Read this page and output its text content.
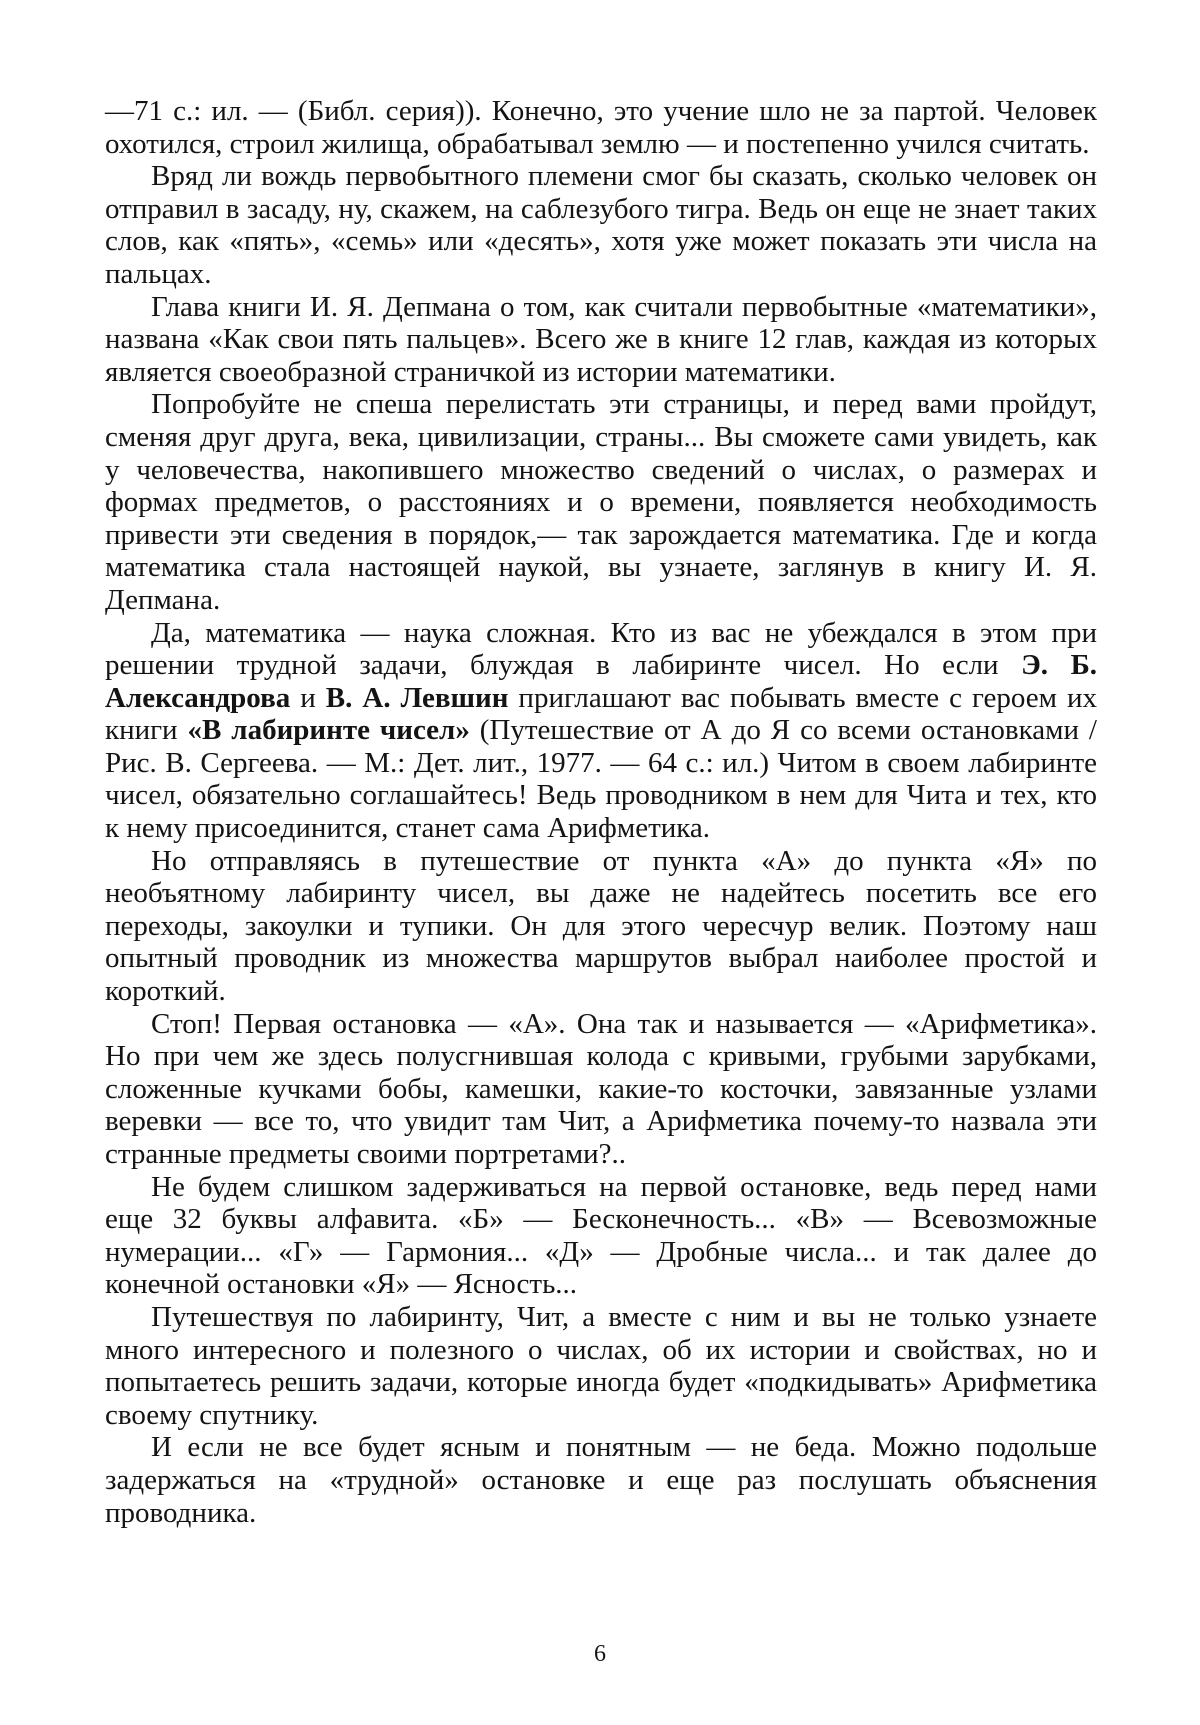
—71 с.: ил. — (Библ. серия)). Конечно, это учение шло не за партой. Человек охотился, строил жилища, обрабатывал землю — и постепенно учился считать.

Вряд ли вождь первобытного племени смог бы сказать, сколько человек он отправил в засаду, ну, скажем, на саблезубого тигра. Ведь он еще не знает таких слов, как «пять», «семь» или «десять», хотя уже может показать эти числа на пальцах.

Глава книги И. Я. Депмана о том, как считали первобытные «математики», названа «Как свои пять пальцев». Всего же в книге 12 глав, каждая из которых является своеобразной страничкой из истории математики.

Попробуйте не спеша перелистать эти страницы, и перед вами пройдут, сменяя друг друга, века, цивилизации, страны... Вы сможете сами увидеть, как у человечества, накопившего множество сведений о числах, о размерах и формах предметов, о расстояниях и о времени, появляется необходимость привести эти сведения в порядок,— так зарождается математика. Где и когда математика стала настоящей наукой, вы узнаете, заглянув в книгу И. Я. Депмана.

Да, математика — наука сложная. Кто из вас не убеждался в этом при решении трудной задачи, блуждая в лабиринте чисел. Но если Э. Б. Александрова и В. А. Левшин приглашают вас побывать вместе с героем их книги «В лабиринте чисел» (Путешествие от А до Я со всеми остановками / Рис. В. Сергеева. — М.: Дет. лит., 1977. — 64 с.: ил.) Читом в своем лабиринте чисел, обязательно соглашайтесь! Ведь проводником в нем для Чита и тех, кто к нему присоединится, станет сама Арифметика.

Но отправляясь в путешествие от пункта «А» до пункта «Я» по необъятному лабиринту чисел, вы даже не надейтесь посетить все его переходы, закоулки и тупики. Он для этого чересчур велик. Поэтому наш опытный проводник из множества маршрутов выбрал наиболее простой и короткий.

Стоп! Первая остановка — «А». Она так и называется — «Арифметика». Но при чем же здесь полусгнившая колода с кривыми, грубыми зарубками, сложенные кучками бобы, камешки, какие-то косточки, завязанные узлами веревки — все то, что увидит там Чит, а Арифметика почему-то назвала эти странные предметы своими портретами?..

Не будем слишком задерживаться на первой остановке, ведь перед нами еще 32 буквы алфавита. «Б» — Бесконечность... «В» — Всевозможные нумерации... «Г» — Гармония... «Д» — Дробные числа... и так далее до конечной остановки «Я» — Ясность...

Путешествуя по лабиринту, Чит, а вместе с ним и вы не только узнаете много интересного и полезного о числах, об их истории и свойствах, но и попытаетесь решить задачи, которые иногда будет «подкидывать» Арифметика своему спутнику.

И если не все будет ясным и понятным — не беда. Можно подольше задержаться на «трудной» остановке и еще раз послушать объяснения проводника.

6
